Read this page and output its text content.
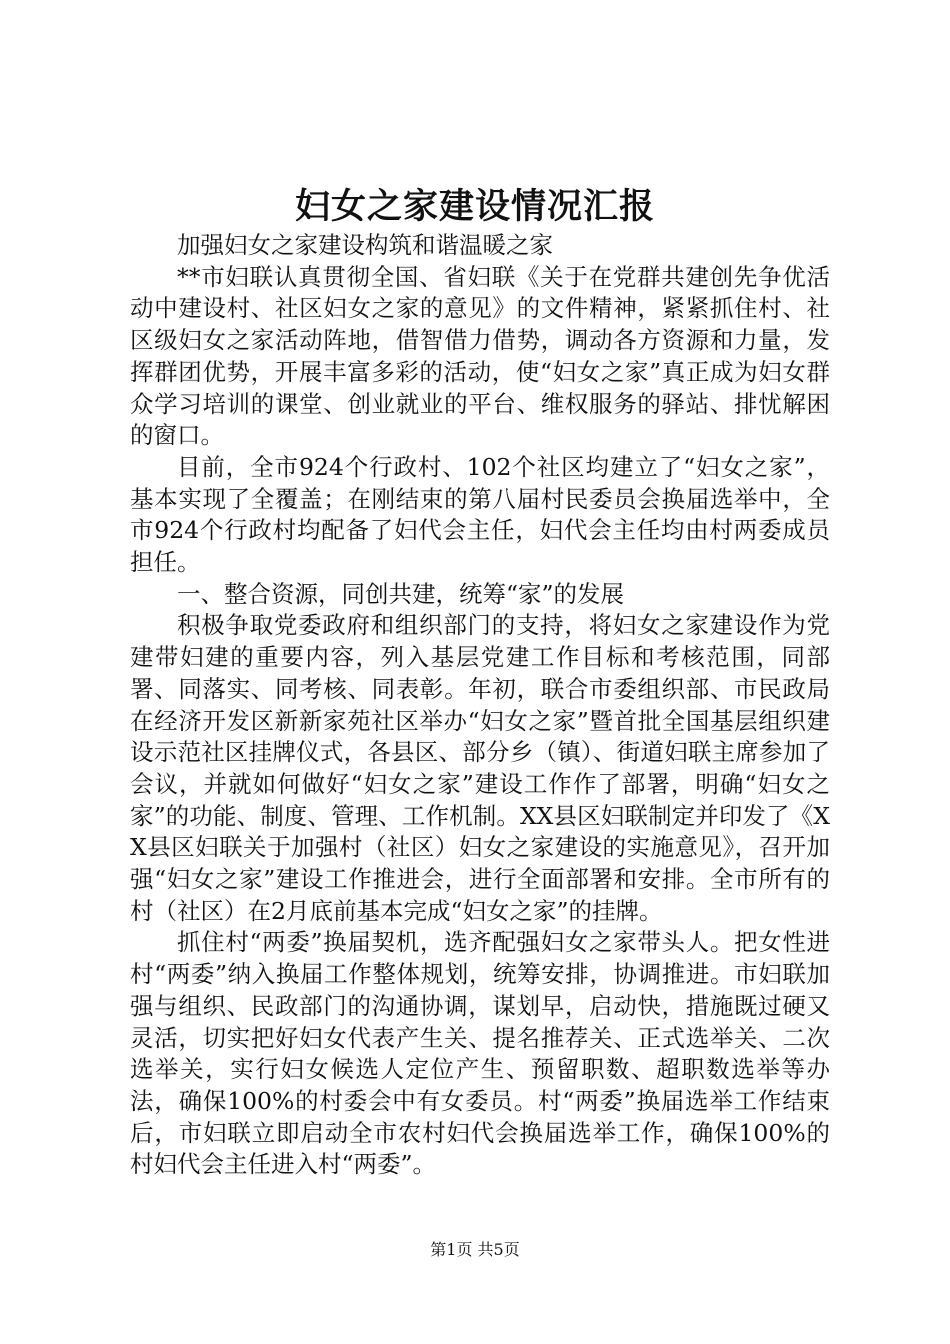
妇女之家建设情况汇报

加强妇女之家建设构筑和谐温暖之家

**市妇联认真贯彻全国、省妇联《关于在党群共建创先争优活动中建设村、社区妇女之家的意见》的文件精神，紧紧抓住村、社区级妇女之家活动阵地，借智借力借势，调动各方资源和力量，发挥群团优势，开展丰富多彩的活动，使“妇女之家”真正成为妇女群众学习培训的课堂、创业就业的平台、维权服务的驿站、排忧解困的窗口。

目前，全市924个行政村、102个社区均建立了“妇女之家”，基本实现了全覆盖；在刚结束的第八届村民委员会换届选举中，全市924个行政村均配备了妇代会主任，妇代会主任均由村两委成员担任。

一、整合资源，同创共建，统筹“家”的发展

积极争取党委政府和组织部门的支持，将妇女之家建设作为党建带妇建的重要内容，列入基层党建工作目标和考核范围，同部署、同落实、同考核、同表彰。年初，联合市委组织部、市民政局在经济开发区新新家苑社区举办“妇女之家”暨首批全国基层组织建设示范社区挂牌仪式，各县区、部分乡（镇）、街道妇联主席参加了会议，并就如何做好“妇女之家”建设工作作了部署，明确“妇女之家”的功能、制度、管理、工作机制。XX县区妇联制定并印发了《XX县区妇联关于加强村（社区）妇女之家建设的实施意见》，召开加强“妇女之家”建设工作推进会，进行全面部署和安排。全市所有的村（社区）在2月底前基本完成“妇女之家”的挂牌。

抓住村“两委”换届契机，选齐配强妇女之家带头人。把女性进村“两委”纳入换届工作整体规划，统筹安排，协调推进。市妇联加强与组织、民政部门的沟通协调，谋划早，启动快，措施既过硬又灵活，切实把好妇女代表产生关、提名推荐关、正式选举关、二次选举关，实行妇女候选人定位产生、预留职数、超职数选举等办法，确保100%的村委会中有女委员。村“两委”换届选举工作结束后，市妇联立即启动全市农村妇代会换届选举工作，确保100%的村妇代会主任进入村“两委”。

第1页 共5页
